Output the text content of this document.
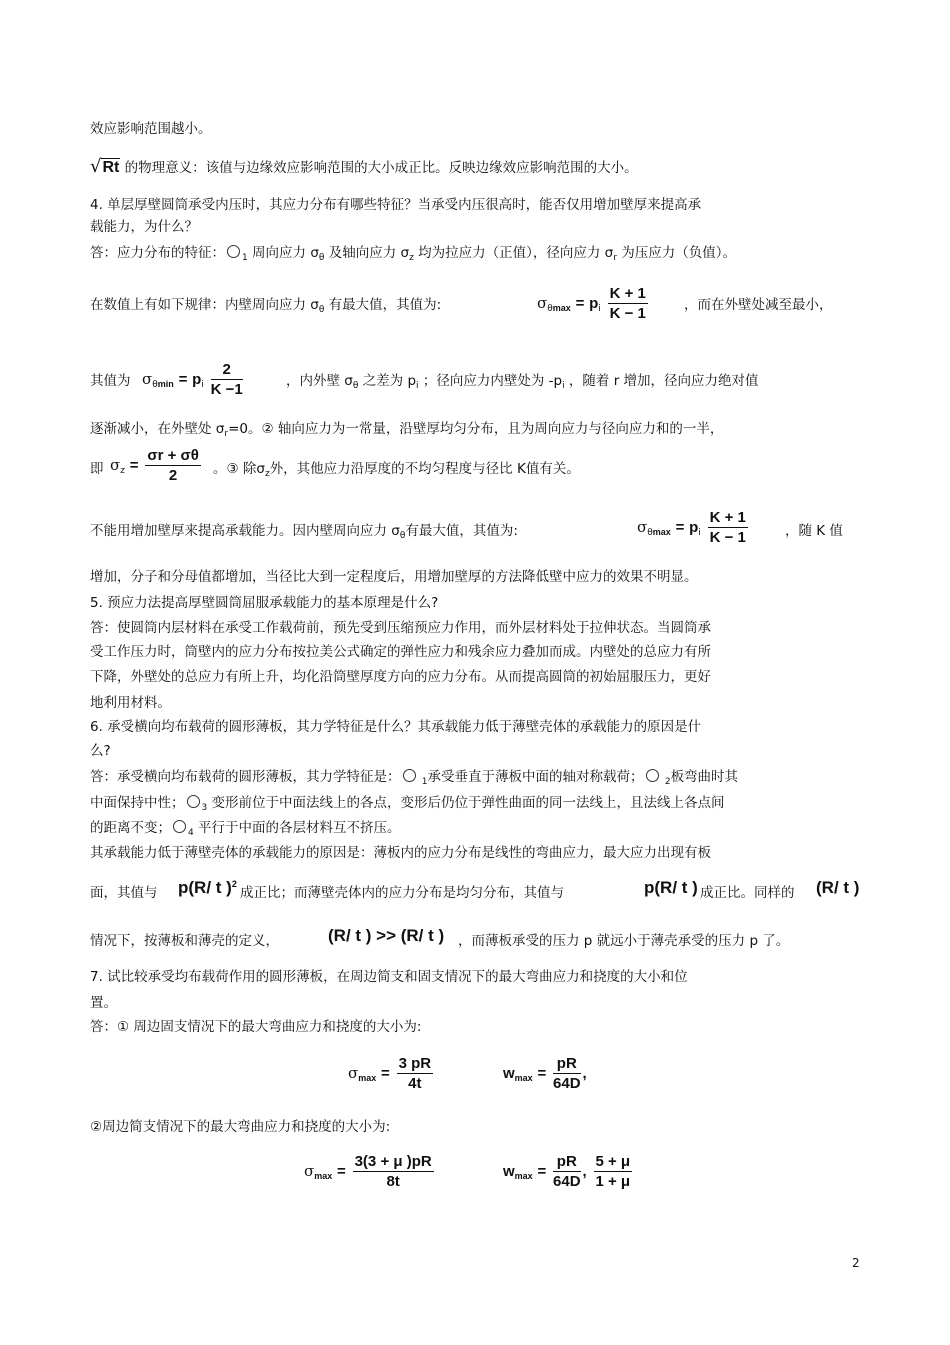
效应影响范围越小。
√Rt 的物理意义：该值与边缘效应影响范围的大小成正比。反映边缘效应影响范围的大小。
4. 单层厚壁圆筒承受内压时，其应力分布有哪些特征？当承受内压很高时，能否仅用增加壁厚来提高承
载能力，为什么？
答：应力分布的特征： $_1$ 周向应力 $\sigma_\theta$ 及轴向应力 $\sigma_z$ 均为拉应力（正值），径向应力 $\sigma_r$ 为压应力（负值）。
在数值上有如下规律：内壁周向应力 $\sigma_\theta$ 有最大值，其值为:	$\sigma_{\theta max} = p_i \frac{K + 1}{K - 1}$	，而在外壁处减至最小，
其值为 $\sigma_{\theta min} = p_i \frac{2}{K -1}$	，内外壁 $\sigma_\theta$ 之差为 $p_i$ ；径向应力内壁处为 $-p_i$ ，随着 r 增加，径向应力绝对值
逐渐减小，在外壁处 $\sigma_r=0$。② 轴向应力为一常量，沿壁厚均匀分布，且为周向应力与径向应力和的一半，
即 $\sigma_z = \frac{\sigma r + \sigma\theta}{2}$ 。③ 除$\sigma_z$外，其他应力沿厚度的不均匀程度与径比 K值有关。
不能用增加壁厚来提高承载能力。因内壁周向应力 $\sigma_\theta$有最大值，其值为:	$\sigma_{\theta max} = p_i \frac{K + 1}{K - 1}$	，随 K 值
增加，分子和分母值都增加，当径比大到一定程度后，用增加壁厚的方法降低壁中应力的效果不明显。
5. 预应力法提高厚壁圆筒屈服承载能力的基本原理是什么?
答：使圆筒内层材料在承受工作载荷前，预先受到压缩预应力作用，而外层材料处于拉伸状态。当圆筒承
受工作压力时，筒壁内的应力分布按拉美公式确定的弹性应力和残余应力叠加而成。内壁处的总应力有所
下降，外壁处的总应力有所上升，均化沿筒壁厚度方向的应力分布。从而提高圆筒的初始屈服压力，更好
地利用材料。
6. 承受横向均布载荷的圆形薄板，其力学特征是什么？其承载能力低于薄壁壳体的承载能力的原因是什
么?
答：承受横向均布载荷的圆形薄板，其力学特征是： $_1$承受垂直于薄板中面的轴对称载荷； $_2$板弯曲时其
中面保持中性； $_3$ 变形前位于中面法线上的各点，变形后仍位于弹性曲面的同一法线上，且法线上各点间
的距离不变； $_4$ 平行于中面的各层材料互不挤压。
其承载能力低于薄壁壳体的承载能力的原因是：薄板内的应力分布是线性的弯曲应力，最大应力出现有板
面，其值与 p(R/ t )$^2$
成正比；而薄壁壳体内的应力分布是均匀分布，其值与	p(R/ t ) 成正比。同样的 (R/ t )
情况下，按薄板和薄壳的定义，	(R/ t ) >> (R/ t ) ，而薄板承受的压力 p 就远小于薄壳承受的压力 p 了。
7. 试比较承受均布载荷作用的圆形薄板，在周边简支和固支情况下的最大弯曲应力和挠度的大小和位
置。
答：① 周边固支情况下的最大弯曲应力和挠度的大小为:
$\sigma_{max} = \frac{3 pR}{4t}$	$w_{max} = \frac{pR}{64D}$ ,
②周边简支情况下的最大弯曲应力和挠度的大小为:
$\sigma_{max} = \frac{3(3 + \mu )pR}{8t}$	$w_{max} = \frac{pR}{64D}$ , $\frac{5 + \mu}{1 + \mu}$
2
